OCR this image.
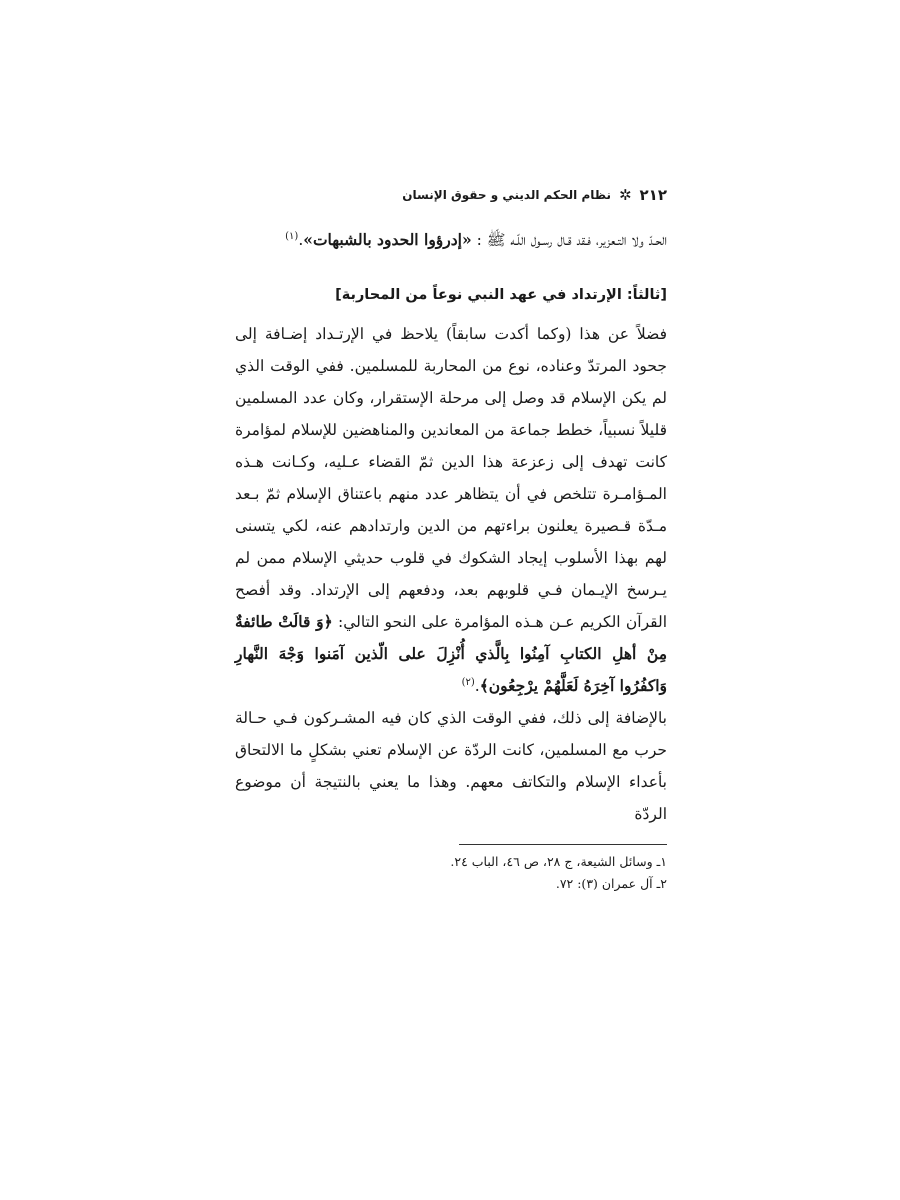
٢١٢
✲
نظام الحكم الديني و حقوق الإنسان

الحـدّ ولا التـعزير، فـقد قـال رسـول اللّـه ﷺ : «إدرؤوا الحدود بالشبهات».$^{(١)}$

[ثالثاً: الإرتداد في عهد النبي نوعاً من المحاربة]

فضلاً عن هذا (وكما أكدت سابقاً) يلاحظ في الإرتـداد إضـافة إلى جحود المرتدّ وعناده، نوع من المحاربة للمسلمين. ففي الوقت الذي لم يكن الإسلام قد وصل إلى مرحلة الإستقرار، وكان عدد المسلمين قليلاً نسبياً، خطط جماعة من المعاندين والمناهضين للإسلام لمؤامرة كانت تهدف إلى زعزعة هذا الدين ثمّ القضاء عـليه، وكـانت هـذه المـؤامـرة تتلخص في أن يتظاهر عدد منهم باعتناق الإسلام ثمّ بـعد مـدّة قـصيرة يعلنون براءتهم من الدين وارتدادهم عنه، لكي يتسنى لهم بهذا الأسلوب إيجاد الشكوك في قلوب حديثي الإسلام ممن لم يـرسخ الإيـمان فـي قلوبهم بعد، ودفعهم إلى الإرتداد. وقد أفصح القرآن الكريم عـن هـذه المؤامرة على النحو التالي: ﴿وَ قالَتْ طائفةٌ مِنْ أهلِ الكتابِ آمِنُوا بِالَّذي أُنْزِلَ على الّذين آمَنوا وَجْهَ النَّهارِ وَاكفُرُوا آخِرَهُ لَعَلَّهُمْ يرْجِعُون﴾.$^{(٢)}$

بالإضافة إلى ذلك، ففي الوقت الذي كان فيه المشـركون فـي حـالة حرب مع المسلمين، كانت الردّة عن الإسلام تعني بشكلٍ ما الالتحاق بأعداء الإسلام والتكاتف معهم. وهذا ما يعني بالنتيجة أن موضوع الردّة

١ـ وسائل الشيعة، ج ٢٨، ص ٤٦، الباب ٢٤.

٢ـ آل عمران (٣): ٧٢.
